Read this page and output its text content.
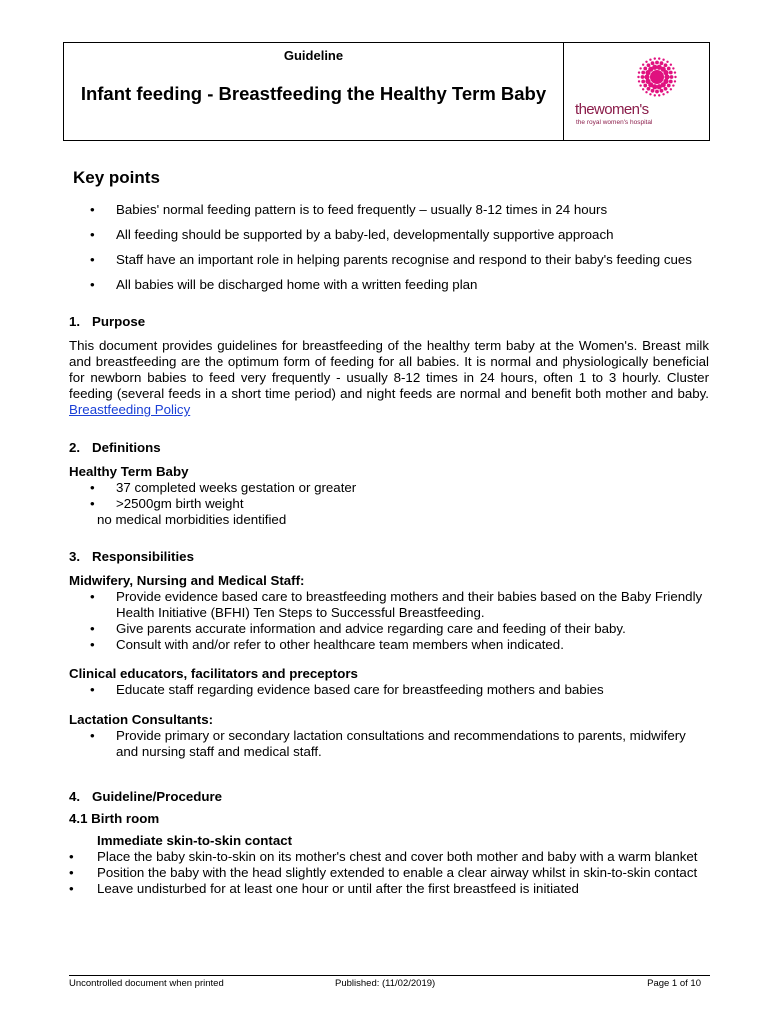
Guideline
Infant feeding - Breastfeeding the Healthy Term Baby
thewomen's
the royal women's hospital
Key points
• Babies' normal feeding pattern is to feed frequently – usually 8-12 times in 24 hours
• All feeding should be supported by a baby-led, developmentally supportive approach
• Staff have an important role in helping parents recognise and respond to their baby's feeding cues
• All babies will be discharged home with a written feeding plan
1. Purpose
This document provides guidelines for breastfeeding of the healthy term baby at the Women's. Breast milk and breastfeeding are the optimum form of feeding for all babies. It is normal and physiologically beneficial for newborn babies to feed very frequently - usually 8-12 times in 24 hours, often 1 to 3 hourly. Cluster feeding (several feeds in a short time period) and night feeds are normal and benefit both mother and baby. Breastfeeding Policy
2. Definitions
Healthy Term Baby
• 37 completed weeks gestation or greater
• >2500gm birth weight
no medical morbidities identified
3. Responsibilities
Midwifery, Nursing and Medical Staff:
• Provide evidence based care to breastfeeding mothers and their babies based on the Baby Friendly Health Initiative (BFHI) Ten Steps to Successful Breastfeeding.
• Give parents accurate information and advice regarding care and feeding of their baby.
• Consult with and/or refer to other healthcare team members when indicated.
Clinical educators, facilitators and preceptors
• Educate staff regarding evidence based care for breastfeeding mothers and babies
Lactation Consultants:
• Provide primary or secondary lactation consultations and recommendations to parents, midwifery and nursing staff and medical staff.
4. Guideline/Procedure
4.1 Birth room
Immediate skin-to-skin contact
• Place the baby skin-to-skin on its mother's chest and cover both mother and baby with a warm blanket
• Position the baby with the head slightly extended to enable a clear airway whilst in skin-to-skin contact
• Leave undisturbed for at least one hour or until after the first breastfeed is initiated
Uncontrolled document when printed	Published: (11/02/2019)	Page 1 of 10
